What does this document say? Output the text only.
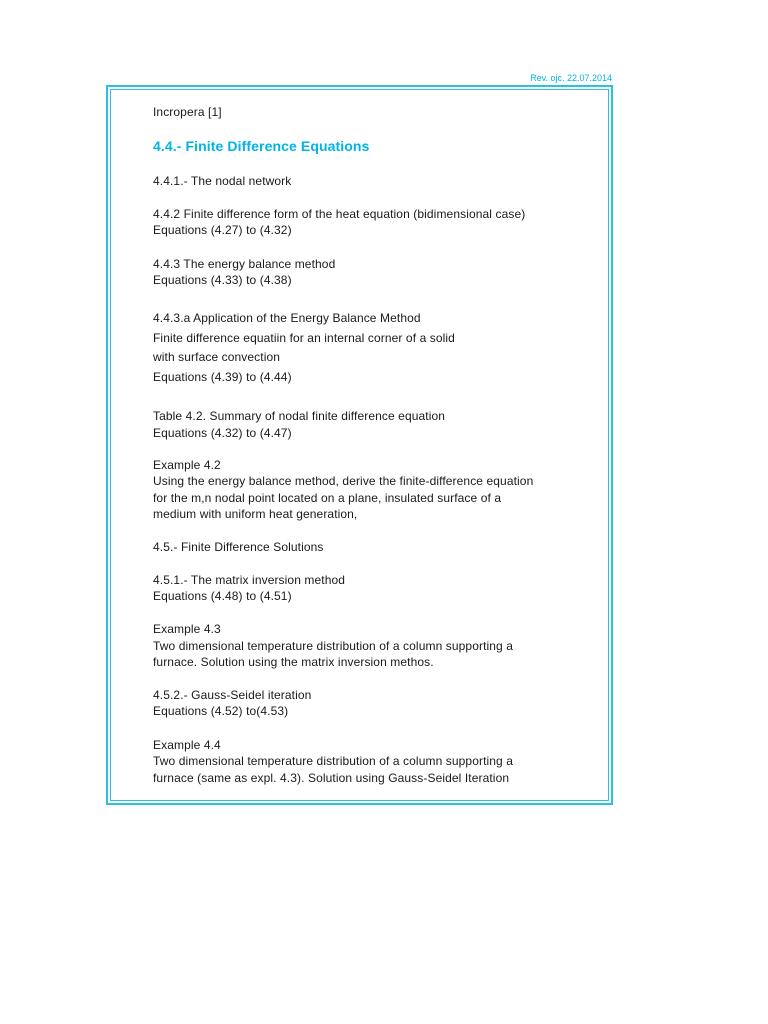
Rev. ojc. 22.07.2014
Incropera [1]
4.4.- Finite Difference Equations
4.4.1.- The nodal network
4.4.2 Finite difference form of the heat equation (bidimensional case)
Equations (4.27) to (4.32)
4.4.3 The energy balance method
Equations (4.33) to (4.38)
4.4.3.a Application of the Energy Balance Method
Finite difference equatiin for an internal corner of a solid
with surface convection
Equations (4.39) to (4.44)
Table 4.2. Summary of nodal finite difference equation
Equations (4.32) to (4.47)
Example 4.2
Using the energy balance method, derive the finite-difference equation
for the m,n nodal point located on a plane, insulated surface of a
medium with uniform heat generation,
4.5.- Finite Difference Solutions
4.5.1.- The matrix inversion method
Equations (4.48) to (4.51)
Example 4.3
Two dimensional temperature distribution of a column supporting a
furnace. Solution using the matrix inversion methos.
4.5.2.- Gauss-Seidel iteration
Equations (4.52) to(4.53)
Example 4.4
Two dimensional temperature distribution of a column supporting a
furnace (same as expl. 4.3). Solution using Gauss-Seidel Iteration
